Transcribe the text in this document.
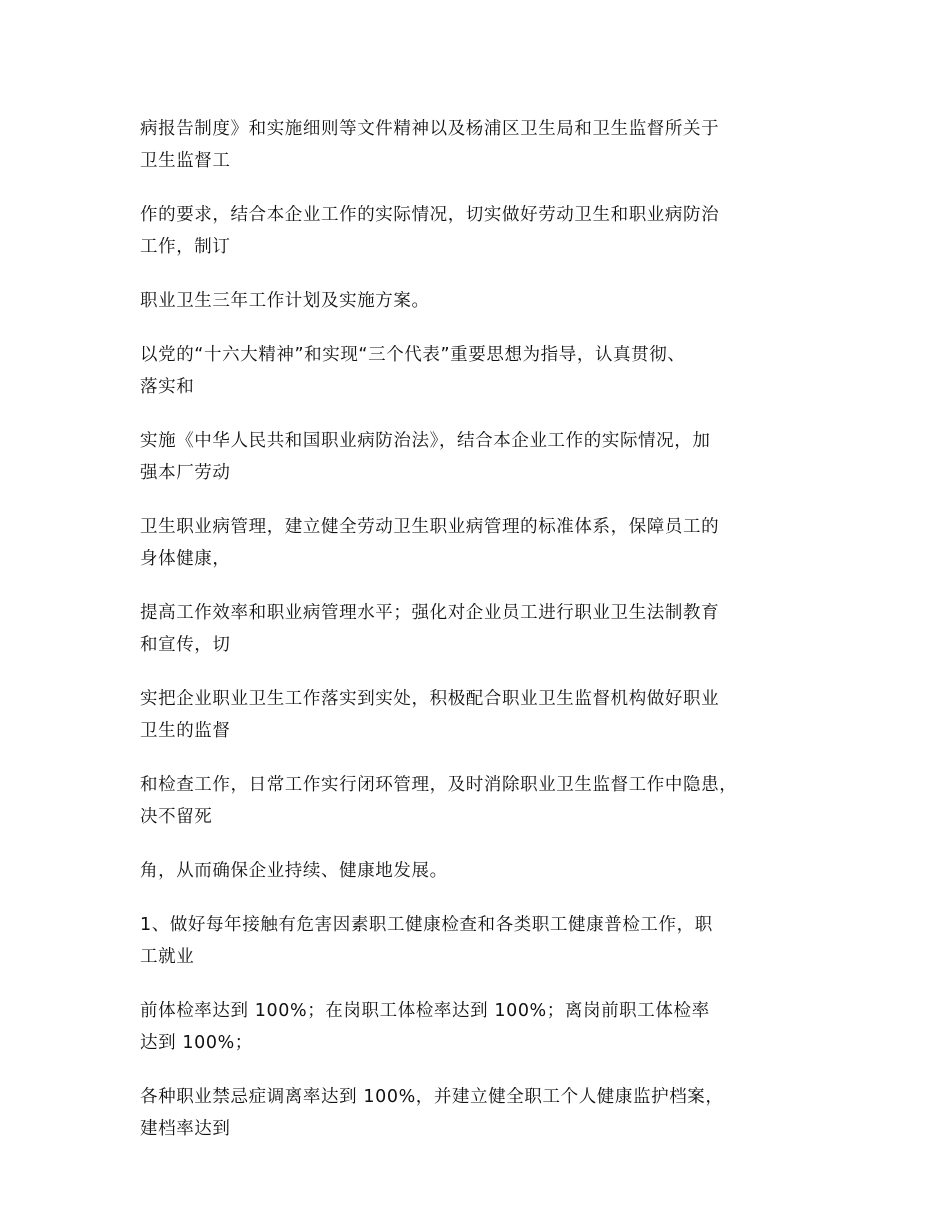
病报告制度》和实施细则等文件精神以及杨浦区卫生局和卫生监督所关于
卫生监督工

作的要求，结合本企业工作的实际情况，切实做好劳动卫生和职业病防治
工作，制订

职业卫生三年工作计划及实施方案。

以党的“十六大精神”和实现“三个代表”重要思想为指导，认真贯彻、
落实和

实施《中华人民共和国职业病防治法》，结合本企业工作的实际情况，加
强本厂劳动

卫生职业病管理，建立健全劳动卫生职业病管理的标准体系，保障员工的
身体健康，

提高工作效率和职业病管理水平；强化对企业员工进行职业卫生法制教育
和宣传，切

实把企业职业卫生工作落实到实处，积极配合职业卫生监督机构做好职业
卫生的监督

和检查工作，日常工作实行闭环管理，及时消除职业卫生监督工作中隐患，
决不留死

角，从而确保企业持续、健康地发展。

1、做好每年接触有危害因素职工健康检查和各类职工健康普检工作，职
工就业

前体检率达到 100%；在岗职工体检率达到 100%；离岗前职工体检率
达到 100%；

各种职业禁忌症调离率达到 100%，并建立健全职工个人健康监护档案，
建档率达到
